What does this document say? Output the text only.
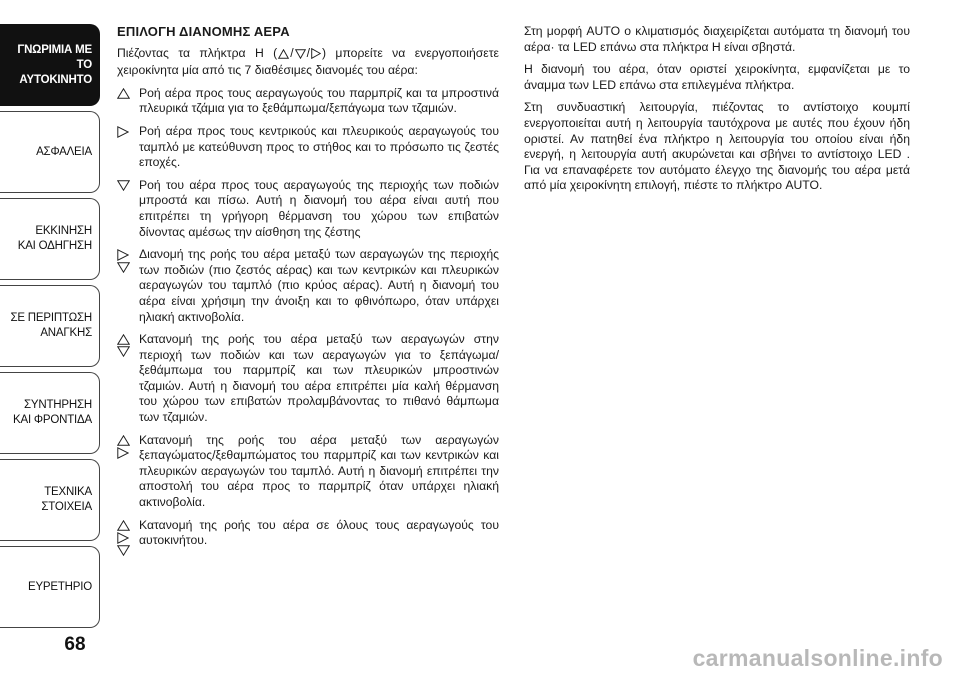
ΓΝΩΡΙΜΙΑ ΜΕ ΤΟ
ΑΥΤΟΚΙΝΗΤΟ
ΑΣΦΑΛΕΙΑ
ΕΚΚΙΝΗΣΗ
ΚΑΙ ΟΔΗΓΗΣΗ
ΣΕ ΠΕΡΙΠΤΩΣΗ
ΑΝΑΓΚΗΣ
ΣΥΝΤΗΡΗΣΗ
ΚΑΙ ΦΡΟΝΤΙΔΑ
ΤΕΧΝΙΚΑ
ΣΤΟΙΧΕΙΑ
ΕΥΡΕΤΗΡΙΟ
68
ΕΠΙΛΟΓΗ ΔΙΑΝΟΜΗΣ ΑΕΡΑ

Πιέζοντας τα πλήκτρα Η ( / / ) μπορείτε να ενεργοποιήσετε χειροκίνητα μία από τις 7 διαθέσιμες διανομές του αέρα:

Ροή αέρα προς τους αεραγωγούς του παρμπρίζ και τα μπροστινά πλευρικά τζάμια για το ξεθάμπωμα/ξεπάγωμα των τζαμιών.
Ροή αέρα προς τους κεντρικούς και πλευρικούς αεραγωγούς του ταμπλό με κατεύθυνση προς το στήθος και το πρόσωπο τις ζεστές εποχές.
Ροή του αέρα προς τους αεραγωγούς της περιοχής των ποδιών μπροστά και πίσω. Αυτή η διανομή του αέρα είναι αυτή που επιτρέπει τη γρήγορη θέρμανση του χώρου των επιβατών δίνοντας αμέσως την αίσθηση της ζέστης
Διανομή της ροής του αέρα μεταξύ των αεραγωγών της περιοχής των ποδιών (πιο ζεστός αέρας) και των κεντρικών και πλευρικών αεραγωγών του ταμπλό (πιο κρύος αέρας). Αυτή η διανομή του αέρα είναι χρήσιμη την άνοιξη και το φθινόπωρο, όταν υπάρχει ηλιακή ακτινοβολία.
Κατανομή της ροής του αέρα μεταξύ των αεραγωγών στην περιοχή των ποδιών και των αεραγωγών για το ξεπάγωμα/ξεθάμπωμα του παρμπρίζ και των πλευρικών μπροστινών τζαμιών. Αυτή η διανομή του αέρα επιτρέπει μία καλή θέρμανση του χώρου των επιβατών προλαμβάνοντας το πιθανό θάμπωμα των τζαμιών.
Κατανομή της ροής του αέρα μεταξύ των αεραγωγών ξεπαγώματος/ξεθαμπώματος του παρμπρίζ και των κεντρικών και πλευρικών αεραγωγών του ταμπλό. Αυτή η διανομή επιτρέπει την αποστολή του αέρα προς το παρμπρίζ όταν υπάρχει ηλιακή ακτινοβολία.
Κατανομή της ροής του αέρα σε όλους τους αεραγωγούς του αυτοκινήτου.

Στη μορφή AUTO ο κλιματισμός διαχειρίζεται αυτόματα τη διανομή του αέρα· τα LED επάνω στα πλήκτρα Η είναι σβηστά.

Η διανομή του αέρα, όταν οριστεί χειροκίνητα, εμφανίζεται με το άναμμα των LED επάνω στα επιλεγμένα πλήκτρα.

Στη συνδυαστική λειτουργία, πιέζοντας το αντίστοιχο κουμπί ενεργοποιείται αυτή η λειτουργία ταυτόχρονα με αυτές που έχουν ήδη οριστεί. Αν πατηθεί ένα πλήκτρο η λειτουργία του οποίου είναι ήδη ενεργή, η λειτουργία αυτή ακυρώνεται και σβήνει το αντίστοιχο LED . Για να επαναφέρετε τον αυτόματο έλεγχο της διανομής του αέρα μετά από μία χειροκίνητη επιλογή, πιέστε το πλήκτρο AUTO.

carmanualsonline.info
